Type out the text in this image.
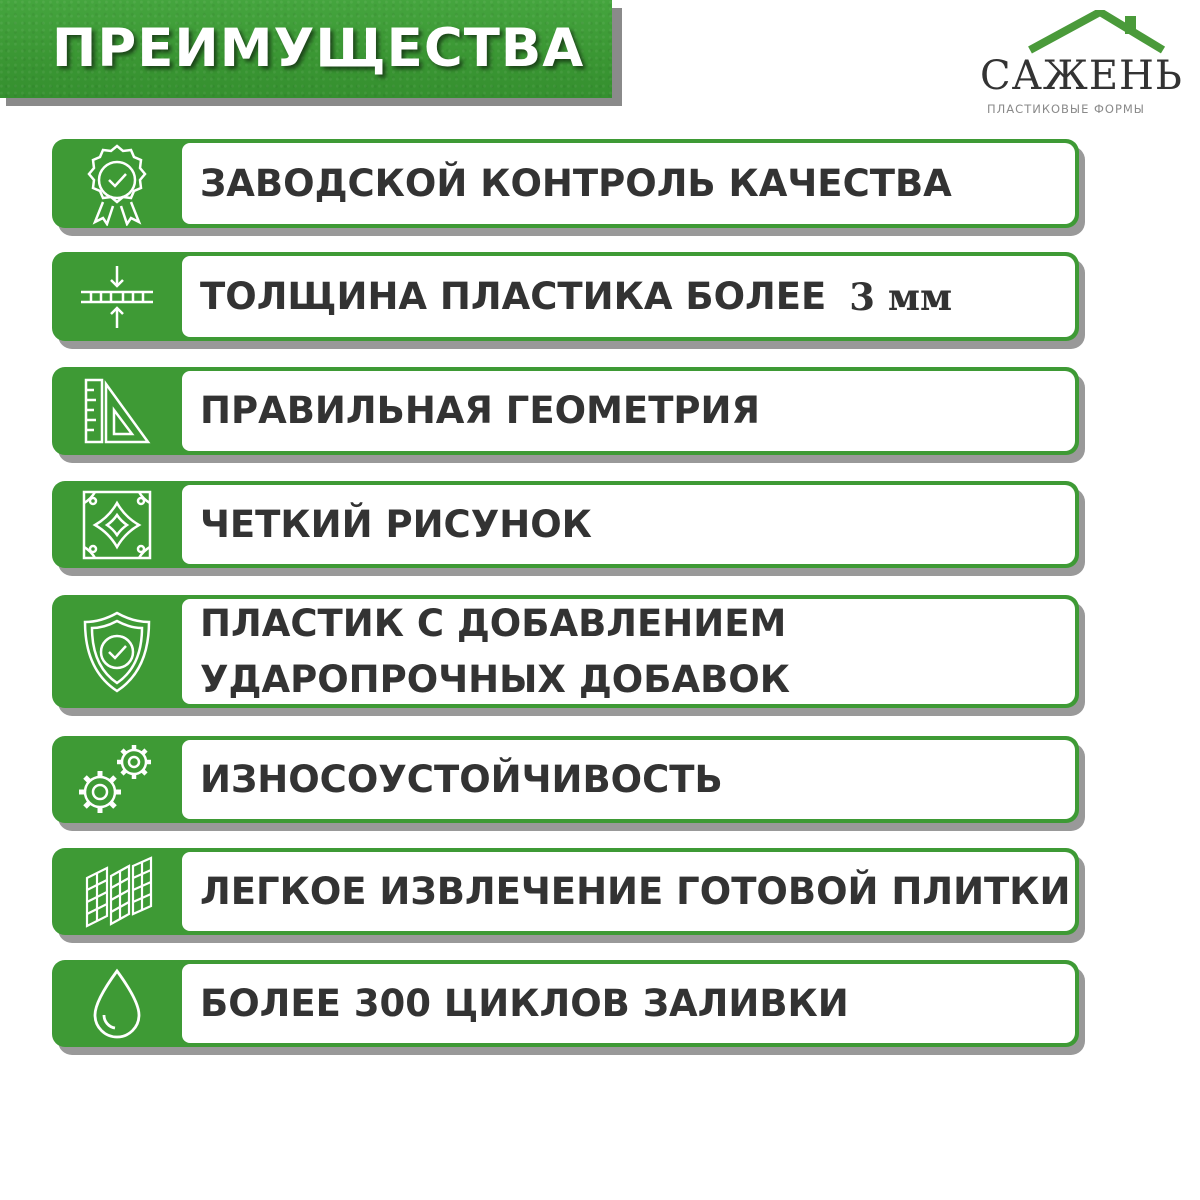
ПРЕИМУЩЕСТВА	САЖЕНЬ
ПЛАСТИКОВЫЕ ФОРМЫ
ЗАВОДСКОЙ КОНТРОЛЬ КАЧЕСТВА
ТОЛЩИНА ПЛАСТИКА БОЛЕЕ 3 мм
ПРАВИЛЬНАЯ ГЕОМЕТРИЯ
ЧЕТКИЙ РИСУНОК
ПЛАСТИК С ДОБАВЛЕНИЕМ
УДАРОПРОЧНЫХ ДОБАВОК
ИЗНОСОУСТОЙЧИВОСТЬ
ЛЕГКОЕ ИЗВЛЕЧЕНИЕ ГОТОВОЙ ПЛИТКИ
БОЛЕЕ 300 ЦИКЛОВ ЗАЛИВКИ
